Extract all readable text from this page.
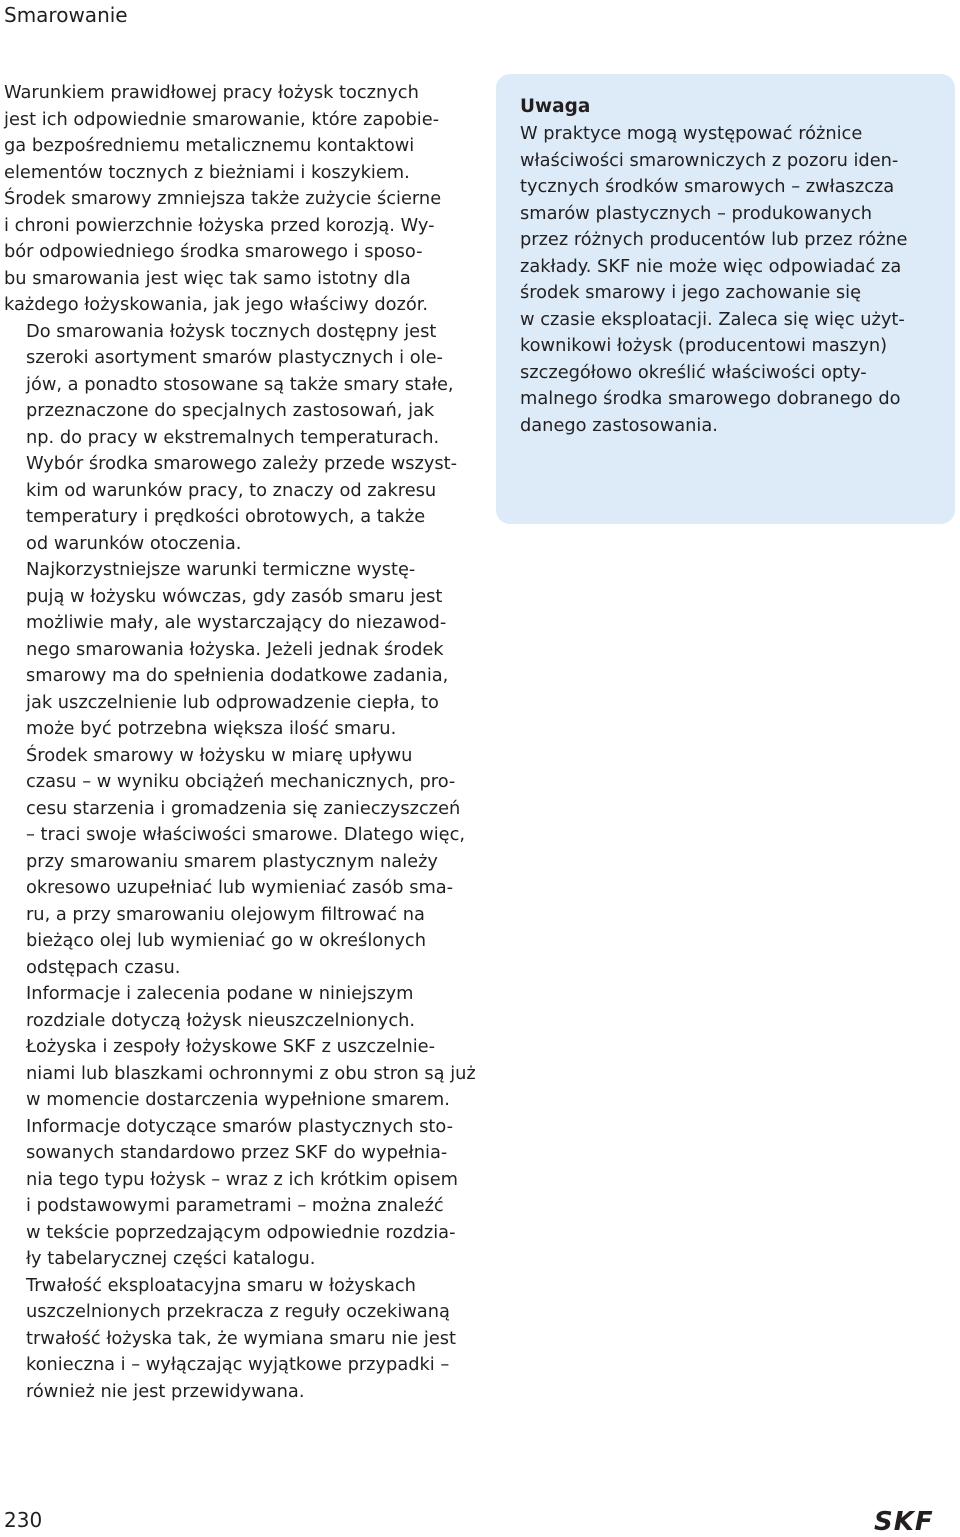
Smarowanie

Warunkiem prawidłowej pracy łożysk tocznych
jest ich odpowiednie smarowanie, które zapobie-
ga bezpośredniemu metalicznemu kontaktowi
elementów tocznych z bieżniami i koszykiem.
Środek smarowy zmniejsza także zużycie ścierne
i chroni powierzchnie łożyska przed korozją. Wy-
bór odpowiedniego środka smarowego i sposo-
bu smarowania jest więc tak samo istotny dla
każdego łożyskowania, jak jego właściwy dozór.

Do smarowania łożysk tocznych dostępny jest
szeroki asortyment smarów plastycznych i ole-
jów, a ponadto stosowane są także smary stałe,
przeznaczone do specjalnych zastosowań, jak
np. do pracy w ekstremalnych temperaturach.
Wybór środka smarowego zależy przede wszyst-
kim od warunków pracy, to znaczy od zakresu
temperatury i prędkości obrotowych, a także
od warunków otoczenia.

Najkorzystniejsze warunki termiczne wystę-
pują w łożysku wówczas, gdy zasób smaru jest
możliwie mały, ale wystarczający do niezawod-
nego smarowania łożyska. Jeżeli jednak środek
smarowy ma do spełnienia dodatkowe zadania,
jak uszczelnienie lub odprowadzenie ciepła, to
może być potrzebna większa ilość smaru.

Środek smarowy w łożysku w miarę upływu
czasu – w wyniku obciążeń mechanicznych, pro-
cesu starzenia i gromadzenia się zanieczyszczeń
– traci swoje właściwości smarowe. Dlatego więc,
przy smarowaniu smarem plastycznym należy
okresowo uzupełniać lub wymieniać zasób sma-
ru, a przy smarowaniu olejowym filtrować na
bieżąco olej lub wymieniać go w określonych
odstępach czasu.

Informacje i zalecenia podane w niniejszym
rozdziale dotyczą łożysk nieuszczelnionych.
Łożyska i zespoły łożyskowe SKF z uszczelnie-
niami lub blaszkami ochronnymi z obu stron są już
w momencie dostarczenia wypełnione smarem.
Informacje dotyczące smarów plastycznych sto-
sowanych standardowo przez SKF do wypełnia-
nia tego typu łożysk – wraz z ich krótkim opisem
i podstawowymi parametrami – można znaleźć
w tekście poprzedzającym odpowiednie rozdzia-
ły tabelarycznej części katalogu.

Trwałość eksploatacyjna smaru w łożyskach
uszczelnionych przekracza z reguły oczekiwaną
trwałość łożyska tak, że wymiana smaru nie jest
konieczna i – wyłączając wyjątkowe przypadki –
również nie jest przewidywana.

Uwaga

W praktyce mogą występować różnice
właściwości smarowniczych z pozoru iden-
tycznych środków smarowych – zwłaszcza
smarów plastycznych – produkowanych
przez różnych producentów lub przez różne
zakłady. SKF nie może więc odpowiadać za
środek smarowy i jego zachowanie się
w czasie eksploatacji. Zaleca się więc użyt-
kownikowi łożysk (producentowi maszyn)
szczegółowo określić właściwości opty-
malnego środka smarowego dobranego do
danego zastosowania.

230	SKF
